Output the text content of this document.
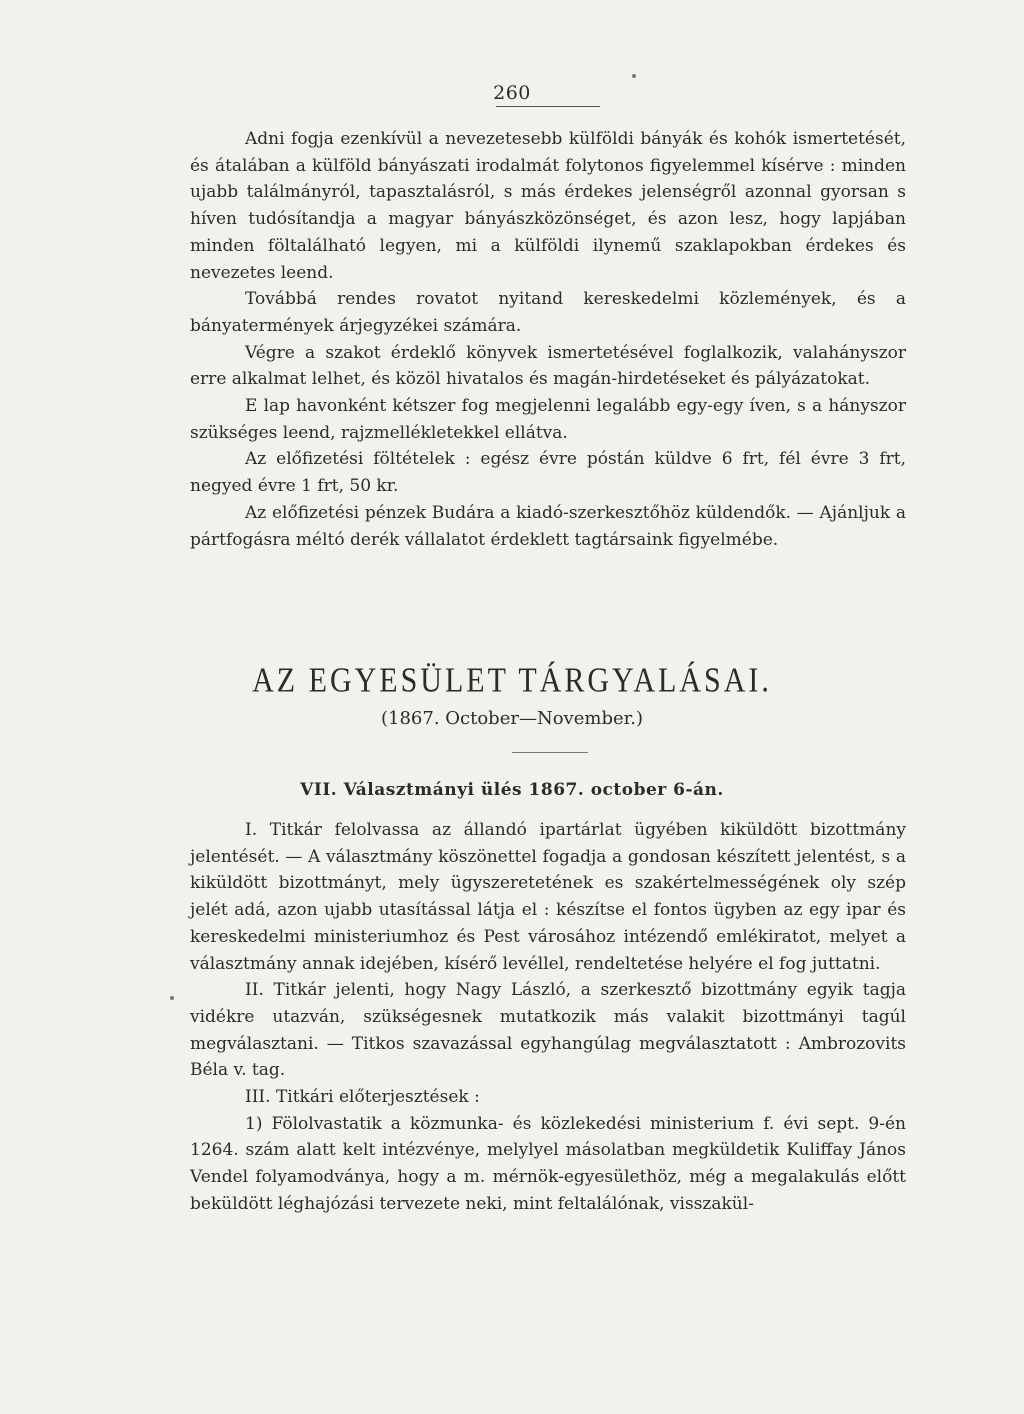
260

Adni fogja ezenkívül a nevezetesebb külföldi bányák és kohók ismertetését, és átalában a külföld bányászati irodalmát folytonos figyelemmel kísérve : minden ujabb találmányról, tapasztalásról, s más érdekes jelenségről azonnal gyorsan s híven tudósítandja a magyar bányászközönséget, és azon lesz, hogy lapjában minden föltalálható legyen, mi a külföldi ilynemű szaklapokban érdekes és nevezetes leend.

Továbbá rendes rovatot nyitand kereskedelmi közlemények, és a bányatermények árjegyzékei számára.

Végre a szakot érdeklő könyvek ismertetésével foglalkozik, valahányszor erre alkalmat lelhet, és közöl hivatalos és magán-hirdetéseket és pályázatokat.

E lap havonként kétszer fog megjelenni legalább egy-egy íven, s a hányszor szükséges leend, rajzmellékletekkel ellátva.

Az előfizetési föltételek : egész évre póstán küldve 6 frt, fél évre 3 frt, negyed évre 1 frt, 50 kr.

Az előfizetési pénzek Budára a kiadó-szerkesztőhöz küldendők. — Ajánljuk a pártfogásra méltó derék vállalatot érdeklett tagtársaink figyelmébe.

AZ EGYESÜLET TÁRGYALÁSAI.
(1867. October—November.)
VII. Választmányi ülés 1867. october 6-án.

I. Titkár felolvassa az állandó ipartárlat ügyében kiküldött bizottmány jelentését. — A választmány köszönettel fogadja a gondosan készített jelentést, s a kiküldött bizottmányt, mely ügyszeretetének es szakértelmességének oly szép jelét adá, azon ujabb utasítással látja el : készítse el fontos ügyben az egy ipar és kereskedelmi ministeriumhoz és Pest városához intézendő emlékiratot, melyet a választmány annak idejében, kísérő levéllel, rendeltetése helyére el fog juttatni.

II. Titkár jelenti, hogy Nagy László, a szerkesztő bizottmány egyik tagja vidékre utazván, szükségesnek mutatkozik más valakit bizottmányi tagúl megválasztani. — Titkos szavazással egyhangúlag megválasztatott : Ambrozovits Béla v. tag.

III. Titkári előterjesztések :

1) Fölolvastatik a közmunka- és közlekedési ministerium f. évi sept. 9-én 1264. szám alatt kelt intézvénye, melylyel másolatban megküldetik Kuliffay János Vendel folyamodványa, hogy a m. mérnök-egyesülethöz, még a megalakulás előtt beküldött léghajózási tervezete neki, mint feltalálónak, visszakül-
